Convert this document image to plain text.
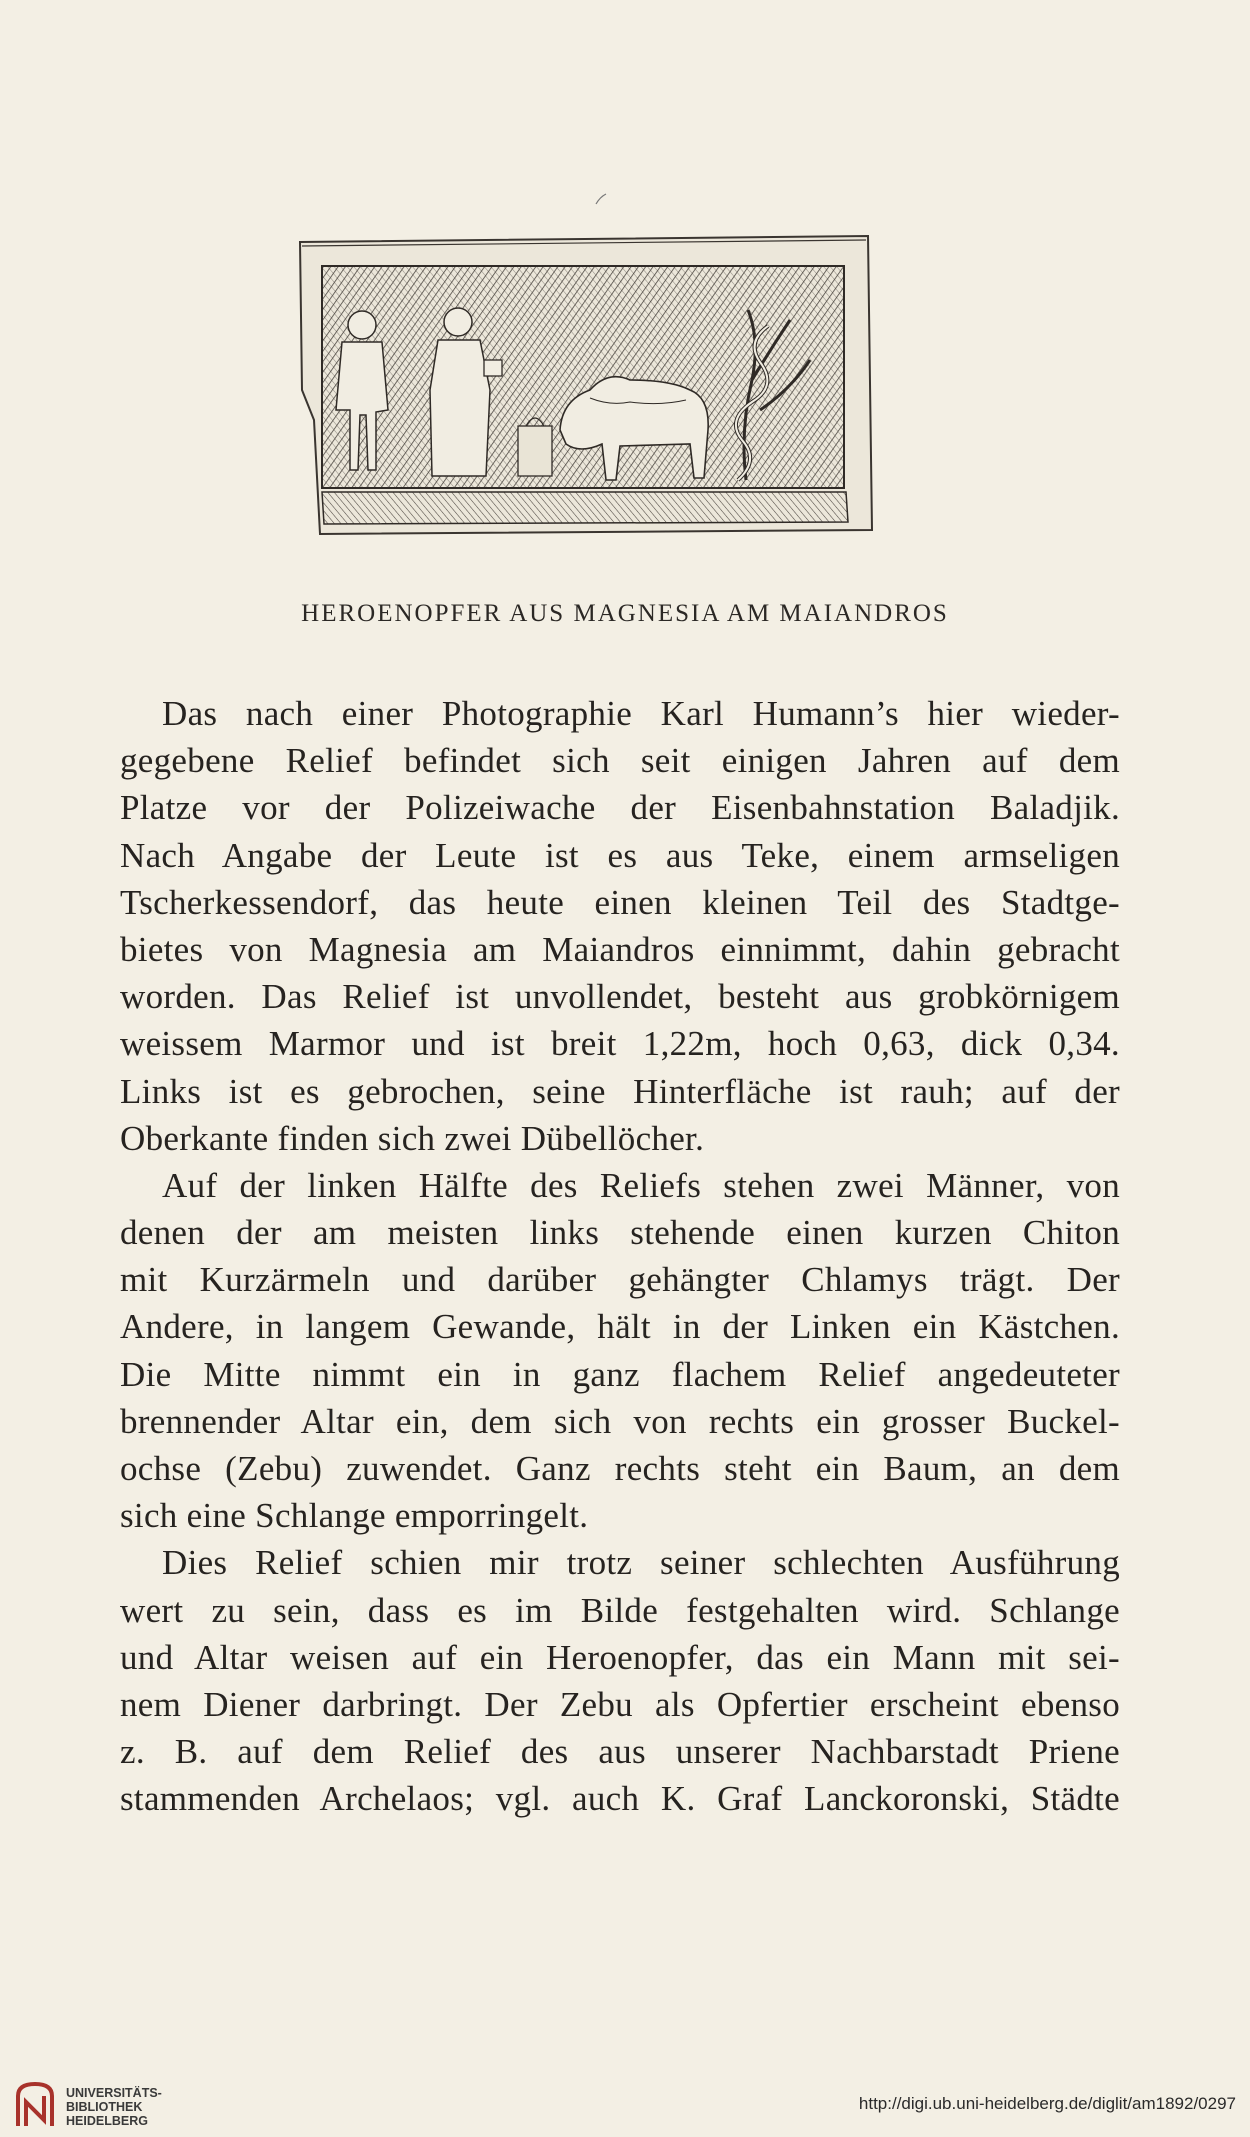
HEROENOPFER AUS MAGNESIA AM MAIANDROS
Das nach einer Photographie Karl Humann’s hier wieder-
gegebene Relief befindet sich seit einigen Jahren auf dem
Platze vor der Polizeiwache der Eisenbahnstation Baladjik.
Nach Angabe der Leute ist es aus Teke, einem armseligen
Tscherkessendorf, das heute einen kleinen Teil des Stadtge-
bietes von Magnesia am Maiandros einnimmt, dahin gebracht
worden. Das Relief ist unvollendet, besteht aus grobkörnigem
weissem Marmor und ist breit 1,22m, hoch 0,63, dick 0,34.
Links ist es gebrochen, seine Hinterfläche ist rauh; auf der
Oberkante finden sich zwei Dübellöcher.
Auf der linken Hälfte des Reliefs stehen zwei Männer, von
denen der am meisten links stehende einen kurzen Chiton
mit Kurzärmeln und darüber gehängter Chlamys trägt. Der
Andere, in langem Gewande, hält in der Linken ein Kästchen.
Die Mitte nimmt ein in ganz flachem Relief angedeuteter
brennender Altar ein, dem sich von rechts ein grosser Buckel-
ochse (Zebu) zuwendet. Ganz rechts steht ein Baum, an dem
sich eine Schlange emporringelt.
Dies Relief schien mir trotz seiner schlechten Ausführung
wert zu sein, dass es im Bilde festgehalten wird. Schlange
und Altar weisen auf ein Heroenopfer, das ein Mann mit sei-
nem Diener darbringt. Der Zebu als Opfertier erscheint ebenso
z. B. auf dem Relief des aus unserer Nachbarstadt Priene
stammenden Archelaos; vgl. auch K. Graf Lanckoronski, Städte
UNIVERSITÄTS-
BIBLIOTHEK
HEIDELBERG
http://digi.ub.uni-heidelberg.de/diglit/am1892/0297
